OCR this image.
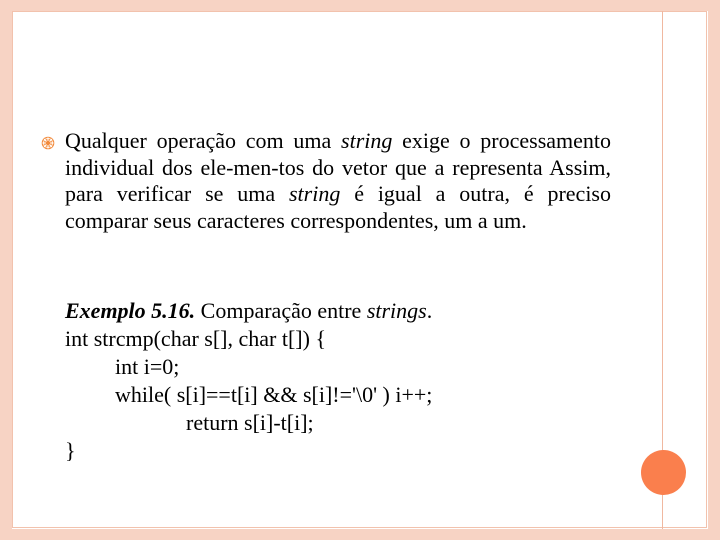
Qualquer operação com uma string exige o processamento individual dos ele-men-tos do vetor que a representa Assim, para verificar se uma string é igual a outra, é preciso comparar seus caracteres correspondentes, um a um.
Exemplo 5.16. Comparação entre strings.
int strcmp(char s[], char t[]) {
int i=0;
while( s[i]==t[i] && s[i]!='\0' ) i++;
return s[i]-t[i];
}
